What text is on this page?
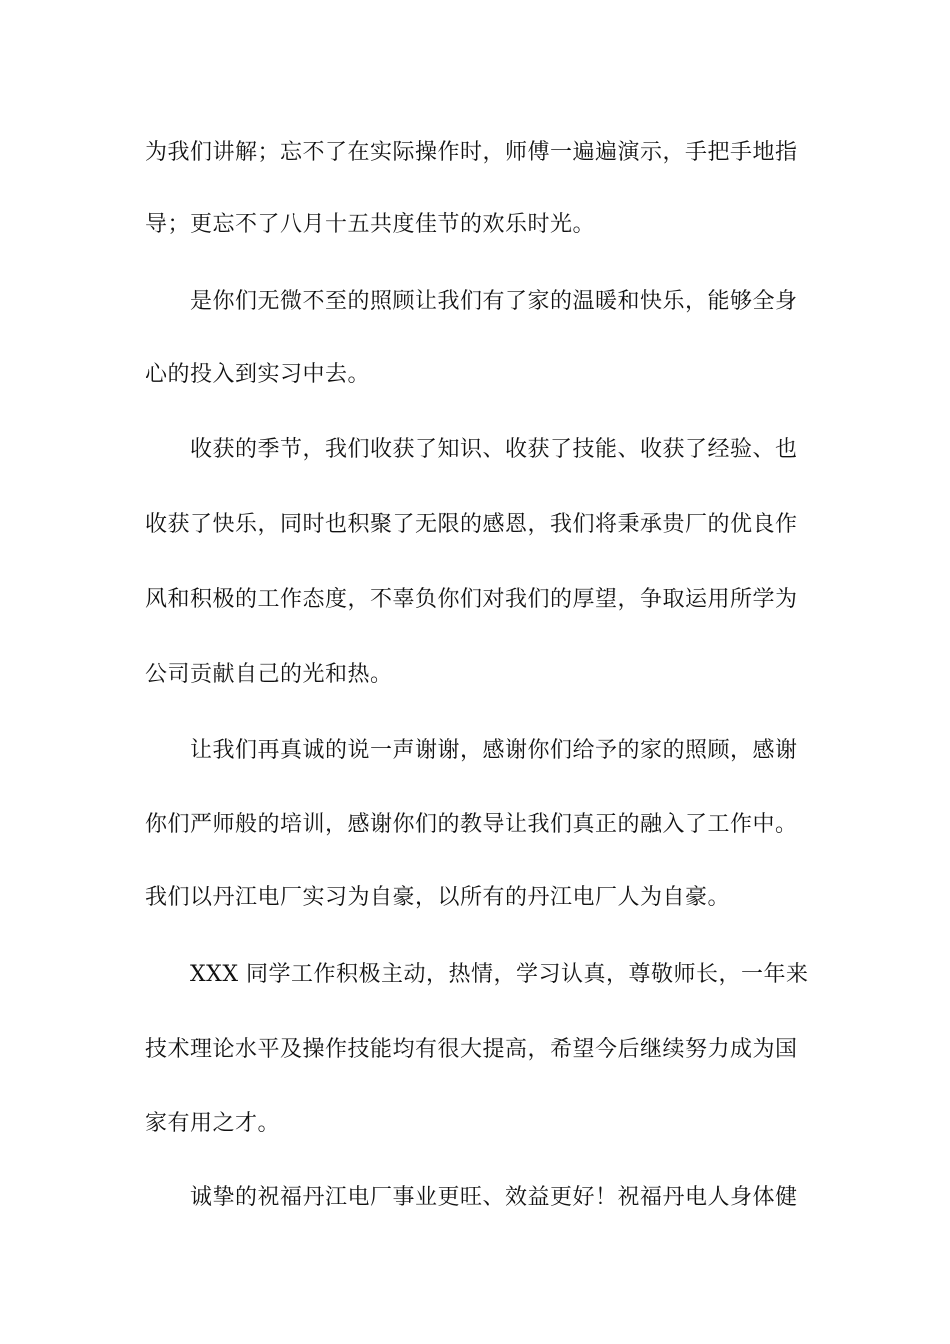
为我们讲解；忘不了在实际操作时，师傅一遍遍演示，手把手地指
导；更忘不了八月十五共度佳节的欢乐时光。
是你们无微不至的照顾让我们有了家的温暖和快乐，能够全身
心的投入到实习中去。
收获的季节，我们收获了知识、收获了技能、收获了经验、也
收获了快乐，同时也积聚了无限的感恩，我们将秉承贵厂的优良作
风和积极的工作态度，不辜负你们对我们的厚望，争取运用所学为
公司贡献自己的光和热。
让我们再真诚的说一声谢谢，感谢你们给予的家的照顾，感谢
你们严师般的培训，感谢你们的教导让我们真正的融入了工作中。
我们以丹江电厂实习为自豪，以所有的丹江电厂人为自豪。
XXX 同学工作积极主动，热情，学习认真，尊敬师长，一年来
技术理论水平及操作技能均有很大提高，希望今后继续努力成为国
家有用之才。
诚挚的祝福丹江电厂事业更旺、效益更好！祝福丹电人身体健
